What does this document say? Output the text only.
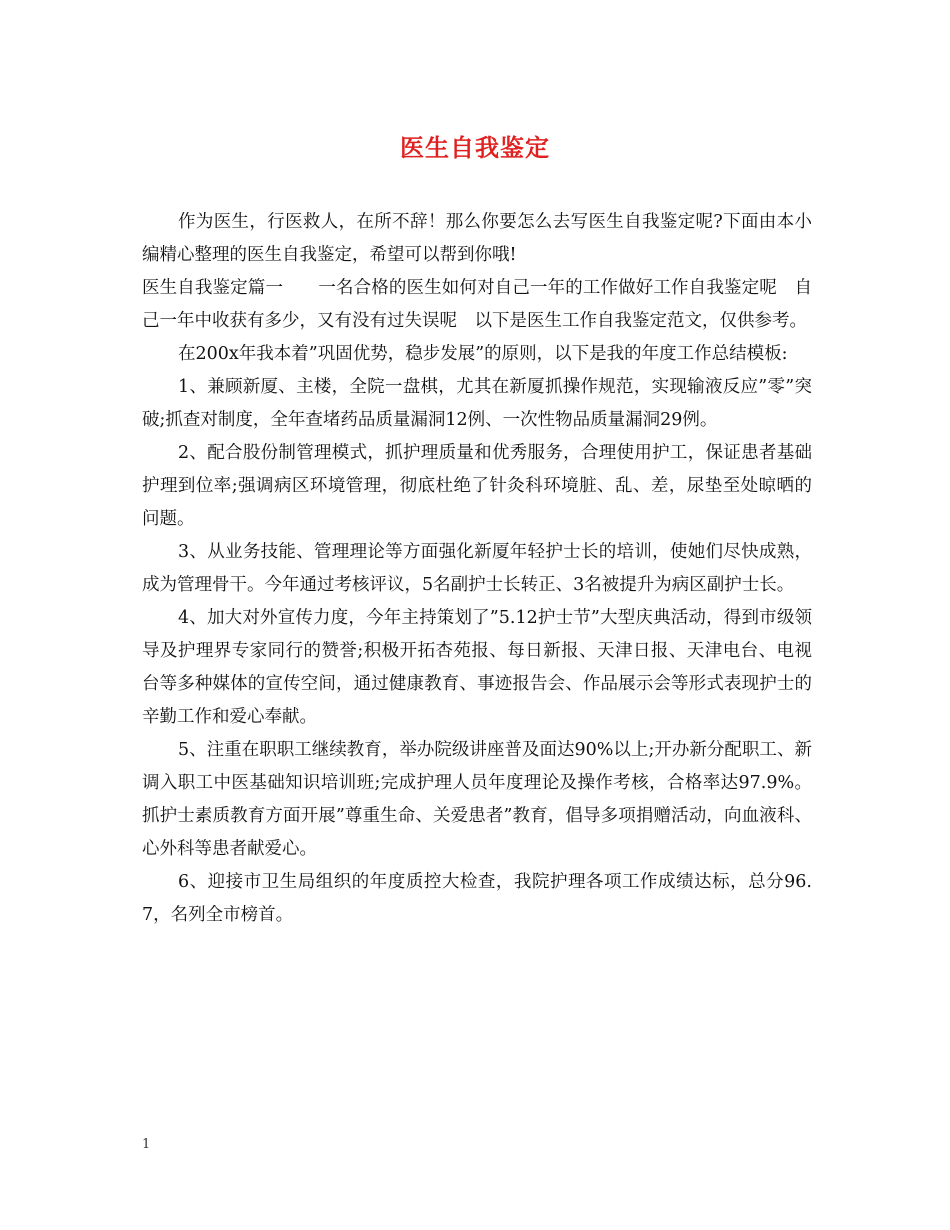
医生自我鉴定

作为医生，行医救人，在所不辞！那么你要怎么去写医生自我鉴定呢?下面由本小编精心整理的医生自我鉴定，希望可以帮到你哦!

医生自我鉴定篇一　　一名合格的医生如何对自己一年的工作做好工作自我鉴定呢　自己一年中收获有多少，又有没有过失误呢　以下是医生工作自我鉴定范文，仅供参考。

在200x年我本着”巩固优势，稳步发展”的原则，以下是我的年度工作总结模板:

1、兼顾新厦、主楼，全院一盘棋，尤其在新厦抓操作规范，实现输液反应”零”突破;抓查对制度，全年查堵药品质量漏洞12例、一次性物品质量漏洞29例。

2、配合股份制管理模式，抓护理质量和优秀服务，合理使用护工，保证患者基础护理到位率;强调病区环境管理，彻底杜绝了针灸科环境脏、乱、差，尿垫至处晾晒的问题。

3、从业务技能、管理理论等方面强化新厦年轻护士长的培训，使她们尽快成熟，成为管理骨干。今年通过考核评议，5名副护士长转正、3名被提升为病区副护士长。

4、加大对外宣传力度，今年主持策划了”5.12护士节”大型庆典活动，得到市级领导及护理界专家同行的赞誉;积极开拓杏苑报、每日新报、天津日报、天津电台、电视台等多种媒体的宣传空间，通过健康教育、事迹报告会、作品展示会等形式表现护士的辛勤工作和爱心奉献。

5、注重在职职工继续教育，举办院级讲座普及面达90%以上;开办新分配职工、新调入职工中医基础知识培训班;完成护理人员年度理论及操作考核，合格率达97.9%。抓护士素质教育方面开展”尊重生命、关爱患者”教育，倡导多项捐赠活动，向血液科、心外科等患者献爱心。

6、迎接市卫生局组织的年度质控大检查，我院护理各项工作成绩达标，总分96.7，名列全市榜首。

1
